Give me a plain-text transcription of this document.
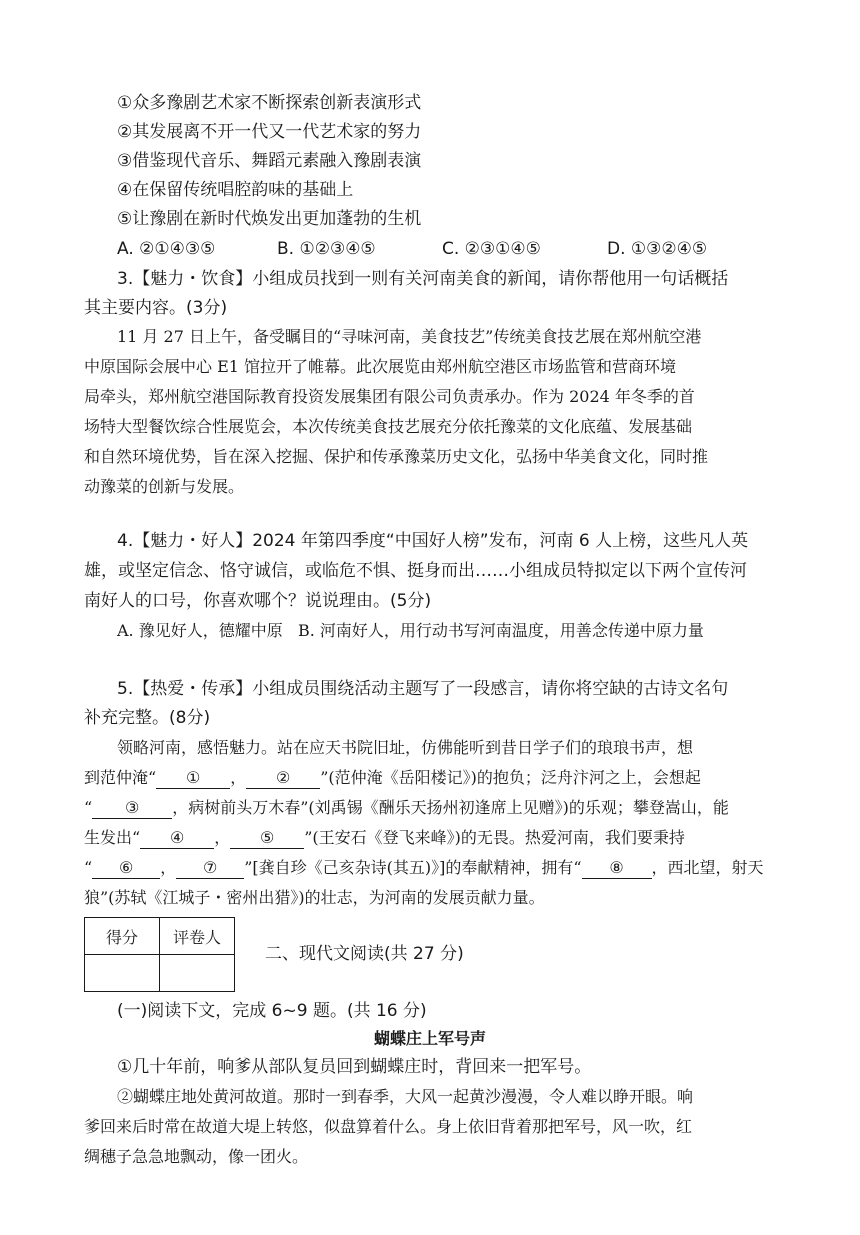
①众多豫剧艺术家不断探索创新表演形式
②其发展离不开一代又一代艺术家的努力
③借鉴现代音乐、舞蹈元素融入豫剧表演
④在保留传统唱腔韵味的基础上
⑤让豫剧在新时代焕发出更加蓬勃的生机
A. ②①④③⑤	B. ①②③④⑤	C. ②③①④⑤	D. ①③②④⑤
3.【魅力・饮食】小组成员找到一则有关河南美食的新闻，请你帮他用一句话概括
其主要内容。(3分)
11 月 27 日上午，备受瞩目的“寻味河南，美食技艺”传统美食技艺展在郑州航空港
中原国际会展中心 E1 馆拉开了帷幕。此次展览由郑州航空港区市场监管和营商环境
局牵头，郑州航空港国际教育投资发展集团有限公司负责承办。作为 2024 年冬季的首
场特大型餐饮综合性展览会，本次传统美食技艺展充分依托豫菜的文化底蕴、发展基础
和自然环境优势，旨在深入挖掘、保护和传承豫菜历史文化，弘扬中华美食文化，同时推
动豫菜的创新与发展。
4.【魅力・好人】2024 年第四季度“中国好人榜”发布，河南 6 人上榜，这些凡人英
雄，或坚定信念、恪守诚信，或临危不惧、挺身而出……小组成员特拟定以下两个宣传河
南好人的口号，你喜欢哪个？说说理由。(5分)
A. 豫见好人，德耀中原 B. 河南好人，用行动书写河南温度，用善念传递中原力量
5.【热爱・传承】小组成员围绕活动主题写了一段感言，请你将空缺的古诗文名句
补充完整。(8分)
领略河南，感悟魅力。站在应天书院旧址，仿佛能听到昔日学子们的琅琅书声，想
到范仲淹“ ① ， ② ”(范仲淹《岳阳楼记》)的抱负；泛舟汴河之上，会想起
“ ③ ，病树前头万木春”(刘禹锡《酬乐天扬州初逢席上见赠》)的乐观；攀登嵩山，能
生发出“ ④ ， ⑤ ”(王安石《登飞来峰》)的无畏。热爱河南，我们要秉持
“ ⑥ ， ⑦ ”[龚自珍《己亥杂诗(其五)》]的奉献精神，拥有“ ⑧ ，西北望，射天
狼”(苏轼《江城子・密州出猎》)的壮志，为河南的发展贡献力量。
得分	评卷人

二、现代文阅读(共 27 分)
(一)阅读下文，完成 6~9 题。(共 16 分)
蝴蝶庄上军号声
①几十年前，响爹从部队复员回到蝴蝶庄时，背回来一把军号。
②蝴蝶庄地处黄河故道。那时一到春季，大风一起黄沙漫漫，令人难以睁开眼。响
爹回来后时常在故道大堤上转悠，似盘算着什么。身上依旧背着那把军号，风一吹，红
绸穗子急急地飘动，像一团火。
